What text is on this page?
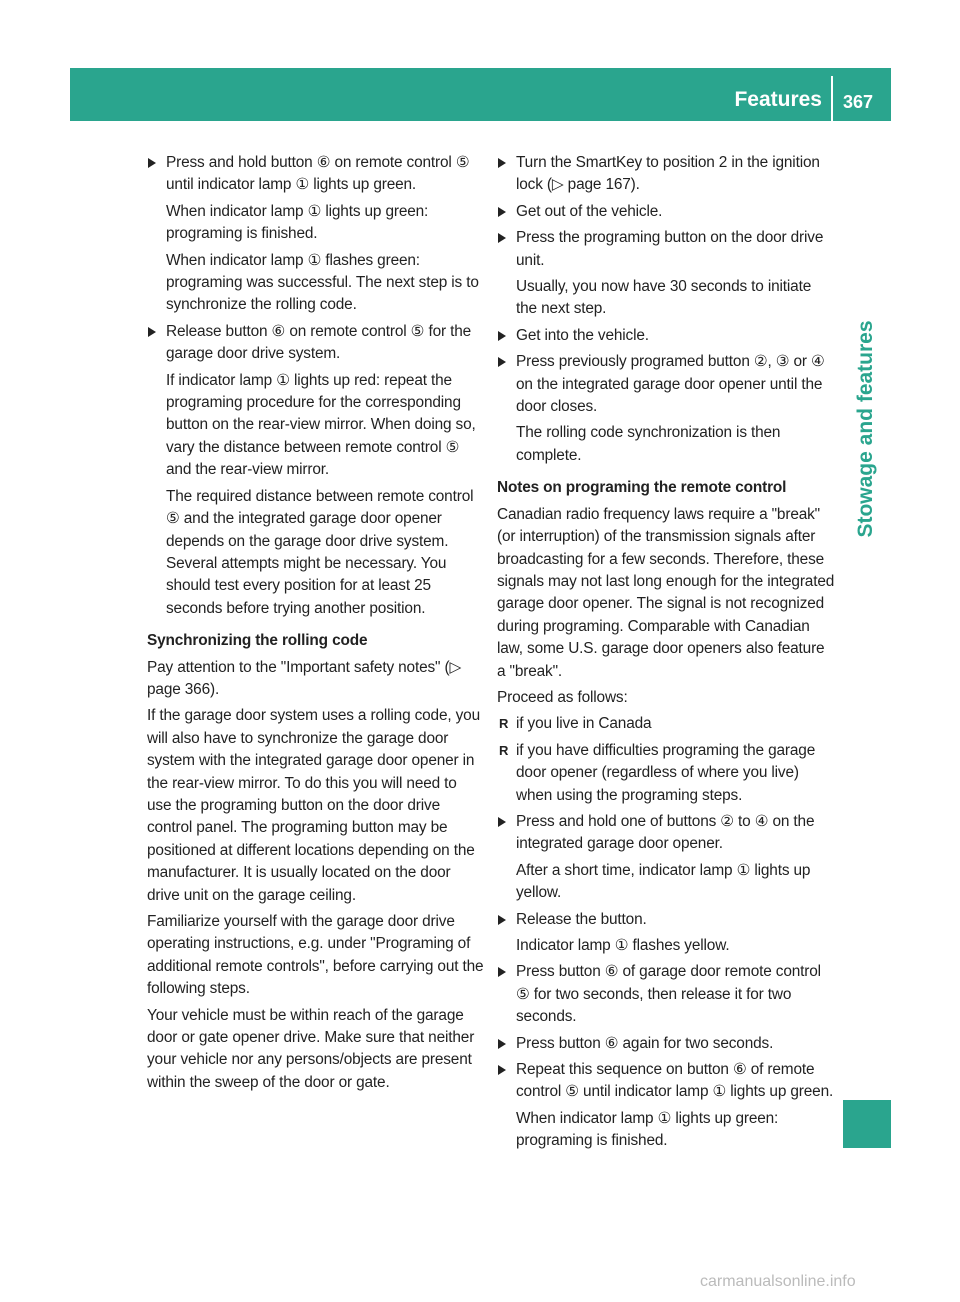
Features 367
Stowage and features

Press and hold button ⑥ on remote control ⑤ until indicator lamp ① lights up green.

When indicator lamp ① lights up green: programing is finished.

When indicator lamp ① flashes green: programing was successful. The next step is to synchronize the rolling code.

Release button ⑥ on remote control ⑤ for the garage door drive system.

If indicator lamp ① lights up red: repeat the programing procedure for the corresponding button on the rear-view mirror. When doing so, vary the distance between remote control ⑤ and the rear-view mirror.

The required distance between remote control ⑤ and the integrated garage door opener depends on the garage door drive system. Several attempts might be necessary. You should test every position for at least 25 seconds before trying another position.

Synchronizing the rolling code

Pay attention to the "Important safety notes" (▷ page 366).

If the garage door system uses a rolling code, you will also have to synchronize the garage door system with the integrated garage door opener in the rear-view mirror. To do this you will need to use the programing button on the door drive control panel. The programing button may be positioned at different locations depending on the manufacturer. It is usually located on the door drive unit on the garage ceiling.

Familiarize yourself with the garage door drive operating instructions, e.g. under "Programing of additional remote controls", before carrying out the following steps.

Your vehicle must be within reach of the garage door or gate opener drive. Make sure that neither your vehicle nor any persons/objects are present within the sweep of the door or gate.

Turn the SmartKey to position 2 in the ignition lock (▷ page 167).

Get out of the vehicle.

Press the programing button on the door drive unit.

Usually, you now have 30 seconds to initiate the next step.

Get into the vehicle.

Press previously programed button ②, ③ or ④ on the integrated garage door opener until the door closes.

The rolling code synchronization is then complete.

Notes on programing the remote control

Canadian radio frequency laws require a "break" (or interruption) of the transmission signals after broadcasting for a few seconds. Therefore, these signals may not last long enough for the integrated garage door opener. The signal is not recognized during programing. Comparable with Canadian law, some U.S. garage door openers also feature a "break".

Proceed as follows:

R if you live in Canada

R if you have difficulties programing the garage door opener (regardless of where you live) when using the programing steps.

Press and hold one of buttons ② to ④ on the integrated garage door opener.

After a short time, indicator lamp ① lights up yellow.

Release the button.

Indicator lamp ① flashes yellow.

Press button ⑥ of garage door remote control ⑤ for two seconds, then release it for two seconds.

Press button ⑥ again for two seconds.

Repeat this sequence on button ⑥ of remote control ⑤ until indicator lamp ① lights up green.

When indicator lamp ① lights up green: programing is finished.

carmanualsonline.info
